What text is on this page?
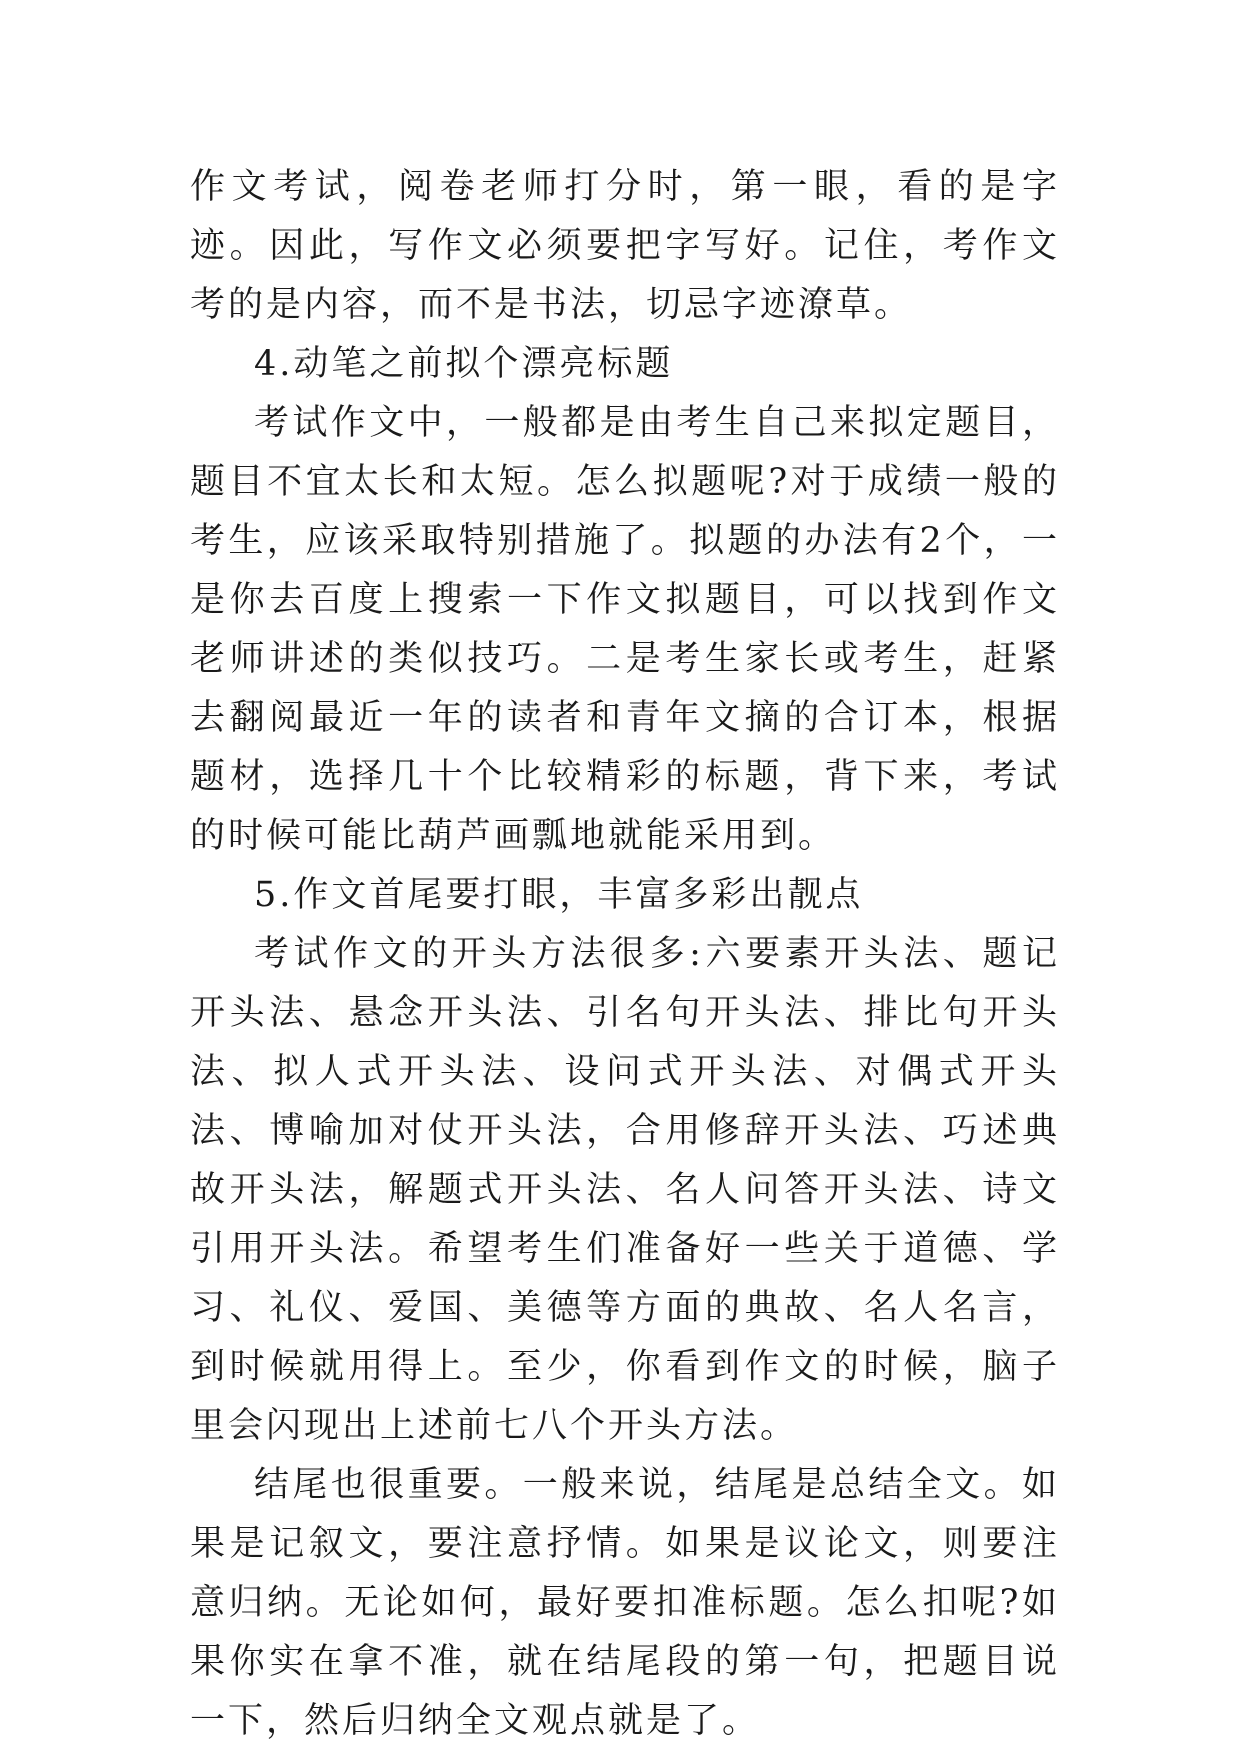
作文考试，阅卷老师打分时，第一眼，看的是字迹。因此，写作文必须要把字写好。记住，考作文考的是内容，而不是书法，切忌字迹潦草。

4.动笔之前拟个漂亮标题

考试作文中，一般都是由考生自己来拟定题目，题目不宜太长和太短。怎么拟题呢?对于成绩一般的考生，应该采取特别措施了。拟题的办法有2个，一是你去百度上搜索一下作文拟题目，可以找到作文老师讲述的类似技巧。二是考生家长或考生，赶紧去翻阅最近一年的读者和青年文摘的合订本，根据题材，选择几十个比较精彩的标题，背下来，考试的时候可能比葫芦画瓢地就能采用到。

5.作文首尾要打眼，丰富多彩出靓点

考试作文的开头方法很多:六要素开头法、题记开头法、悬念开头法、引名句开头法、排比句开头法、拟人式开头法、设问式开头法、对偶式开头法、博喻加对仗开头法，合用修辞开头法、巧述典故开头法，解题式开头法、名人问答开头法、诗文引用开头法。希望考生们准备好一些关于道德、学习、礼仪、爱国、美德等方面的典故、名人名言，到时候就用得上。至少，你看到作文的时候，脑子里会闪现出上述前七八个开头方法。

结尾也很重要。一般来说，结尾是总结全文。如果是记叙文，要注意抒情。如果是议论文，则要注意归纳。无论如何，最好要扣准标题。怎么扣呢?如果你实在拿不准，就在结尾段的第一句，把题目说一下，然后归纳全文观点就是了。
